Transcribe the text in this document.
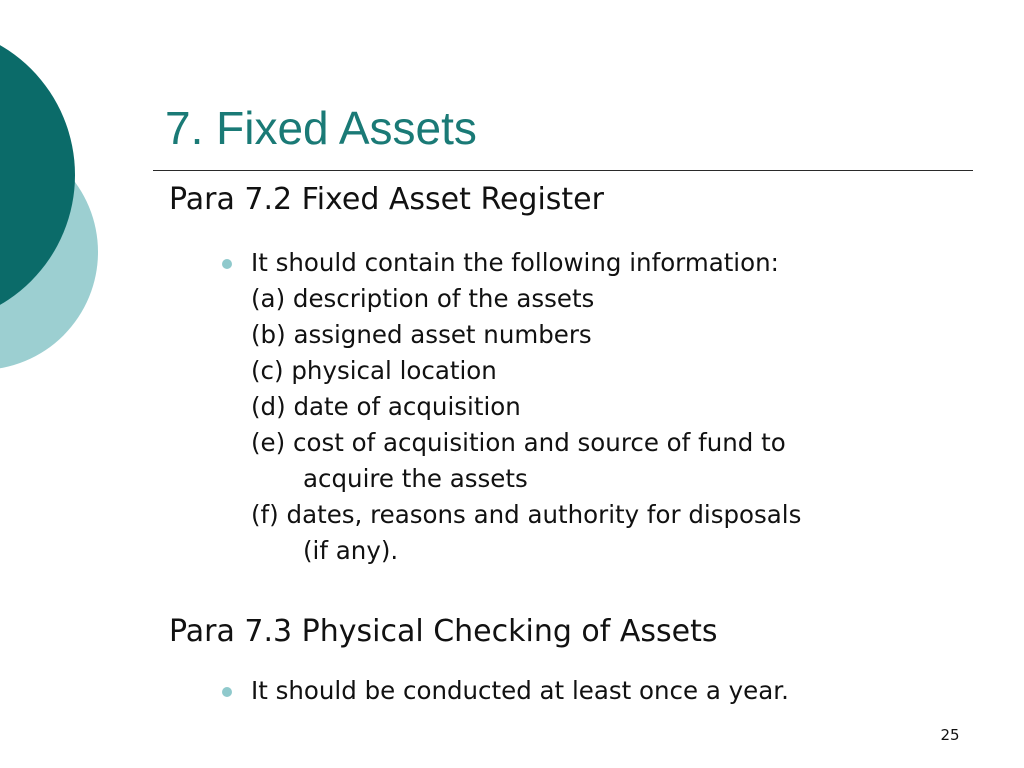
7. Fixed Assets
Para 7.2 Fixed Asset Register
It should contain the following information:
(a) description of the assets
(b) assigned asset numbers
(c) physical location
(d) date of acquisition
(e) cost of acquisition and source of fund to
acquire the assets
(f) dates, reasons and authority for disposals
(if any).
Para 7.3 Physical Checking of Assets
It should be conducted at least once a year.
25
